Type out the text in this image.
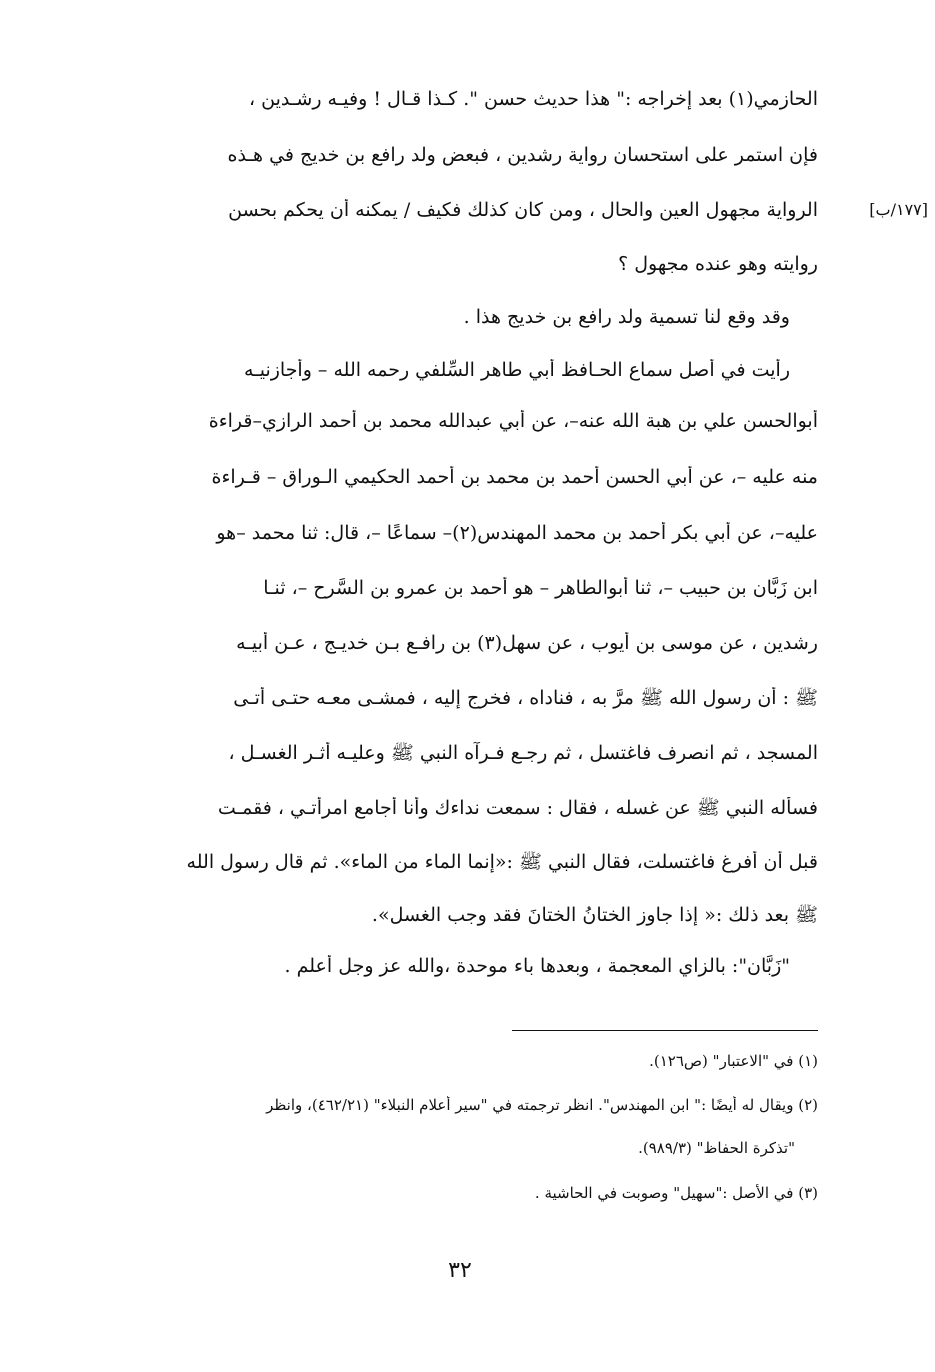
[١٧٧/ب]
الحازمي(١) بعد إخراجه :" هذا حديث حسن ". كـذا قـال ! وفيـه رشـدين ،
فإن استمر على استحسان رواية رشدين ، فبعض ولد رافع بن خديج في هـذه
الرواية مجهول العين والحال ، ومن كان كذلك فكيف / يمكنه أن يحكم بحسن
روايته وهو عنده مجهول ؟
وقد وقع لنا تسمية ولد رافع بن خديج هذا .
رأيت في أصل سماع الحـافظ أبي طاهر السِّلفي رحمه الله – وأجازنيـه
أبوالحسن علي بن هبة الله عنه–، عن أبي عبدالله محمد بن أحمد الرازي–قراءة
منه عليه –، عن أبي الحسن أحمد بن محمد بن أحمد الحكيمي الـوراق – قـراءة
عليه–، عن أبي بكر أحمد بن محمد المهندس(٢)– سماعًا –، قال: ثنا محمد –هو
ابن زَبَّان بن حبيب –، ثنا أبوالطاهر – هو أحمد بن عمرو بن السَّرح –، ثنـا
رشدين ، عن موسى بن أيوب ، عن سهل(٣) بن رافـع بـن خديـج ، عـن أبيـه
ﷺ : أن رسول الله ﷺ مرَّ به ، فناداه ، فخرج إليه ، فمشـى معـه حتـى أتـى
المسجد ، ثم انصرف فاغتسل ، ثم رجـع فـرآه النبي ﷺ وعليـه أثـر الغسـل ،
فسأله النبي ﷺ عن غسله ، فقال : سمعت نداءك وأنا أجامع امرأتـي ، فقمـت
قبل أن أفرغ فاغتسلت، فقال النبي ﷺ :«إنما الماء من الماء». ثم قال رسول الله
ﷺ بعد ذلك :« إذا جاوز الختانُ الختانَ فقد وجب الغسل».
"زَبَّان": بالزاي المعجمة ، وبعدها باء موحدة ،والله عز وجل أعلم .
(١) في "الاعتبار" (ص١٢٦).
(٢) ويقال له أيضًا :" ابن المهندس". انظر ترجمته في "سير أعلام النبلاء" (٤٦٢/٢١)، وانظر
"تذكرة الحفاظ" (٩٨٩/٣).
(٣) في الأصل :"سهيل" وصوبت في الحاشية .
٣٢
